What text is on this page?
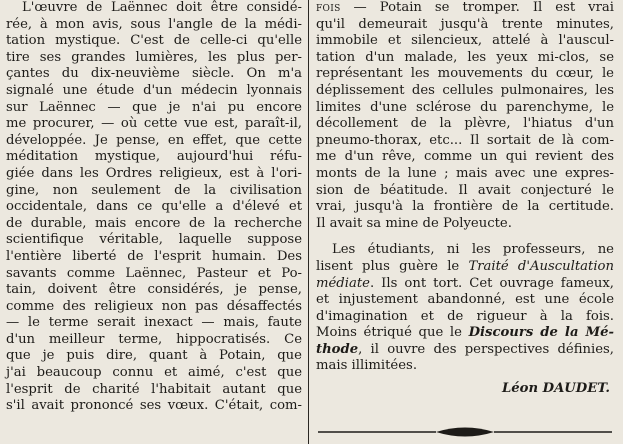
L'œuvre de Laënnec doit être considé-
rée, à mon avis, sous l'angle de la médi-
tation mystique. C'est de celle-ci qu'elle
tire ses grandes lumières, les plus per-
çantes du dix-neuvième siècle. On m'a
signalé une étude d'un médecin lyonnais
sur Laënnec — que je n'ai pu encore
me procurer, — où cette vue est, paraît-il,
développée. Je pense, en effet, que cette
méditation mystique, aujourd'hui réfu-
giée dans les Ordres religieux, est à l'ori-
gine, non seulement de la civilisation
occidentale, dans ce qu'elle a d'élevé et
de durable, mais encore de la recherche
scientifique véritable, laquelle suppose
l'entière liberté de l'esprit humain. Des
savants comme Laënnec, Pasteur et Po-
tain, doivent être considérés, je pense,
comme des religieux non pas désaffectés
— le terme serait inexact — mais, faute
d'un meilleur terme, hippocratisés. Ce
que je puis dire, quant à Potain, que
j'ai beaucoup connu et aimé, c'est que
l'esprit de charité l'habitait autant que
s'il avait prononcé ses vœux. C'était, com-
fois — Potain se tromper. Il est vrai
qu'il demeurait jusqu'à trente minutes,
immobile et silencieux, attelé à l'auscul-
tation d'un malade, les yeux mi-clos, se
représentant les mouvements du cœur, le
déplissement des cellules pulmonaires, les
limites d'une sclérose du parenchyme, le
décollement de la plèvre, l'hiatus d'un
pneumo-thorax, etc... Il sortait de là com-
me d'un rêve, comme un qui revient des
monts de la lune ; mais avec une expres-
sion de béatitude. Il avait conjecturé le
vrai, jusqu'à la frontière de la certitude.
Il avait sa mine de Polyeucte.
Les étudiants, ni les professeurs, ne
lisent plus guère le Traité d'Auscultation
médiate. Ils ont tort. Cet ouvrage fameux,
et injustement abandonné, est une école
d'imagination et de rigueur à la fois.
Moins étriqué que le Discours de la Mé-
thode, il ouvre des perspectives définies,
mais illimitées.
Léon DAUDET.
